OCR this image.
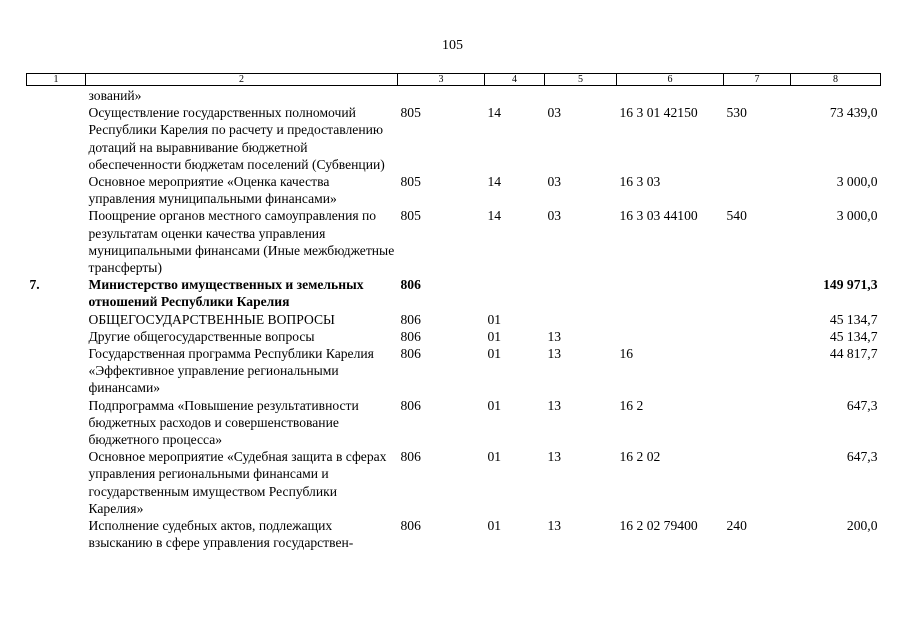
105
1	2	3	4	5	6	7	8
	зований»						
	Осуществление государственных полномочий Республики Карелия по расчету и предоставлению дотаций на выравнивание бюджетной обеспеченности бюджетам поселений (Субвенции)	805	14	03	16 3 01 42150	530	73 439,0
	Основное мероприятие «Оценка качества управления муниципальными финансами»	805	14	03	16 3 03		3 000,0
	Поощрение органов местного самоуправления по результатам оценки качества управления муниципальными финансами (Иные межбюджетные трансферты)	805	14	03	16 3 03 44100	540	3 000,0
7.	Министерство имущественных и земельных отношений Республики Карелия	806					149 971,3
	ОБЩЕГОСУДАРСТВЕННЫЕ ВОПРОСЫ	806	01				45 134,7
	Другие общегосударственные вопросы	806	01	13			45 134,7
	Государственная программа Республики Карелия «Эффективное управление региональными финансами»	806	01	13	16		44 817,7
	Подпрограмма «Повышение результативности бюджетных расходов и совершенствование бюджетного процесса»	806	01	13	16 2		647,3
	Основное мероприятие «Судебная защита в сферах управления региональными финансами и государственным имуществом Республики Карелия»	806	01	13	16 2 02		647,3
	Исполнение судебных актов, подлежащих взысканию в сфере управления государствен-	806	01	13	16 2 02 79400	240	200,0
